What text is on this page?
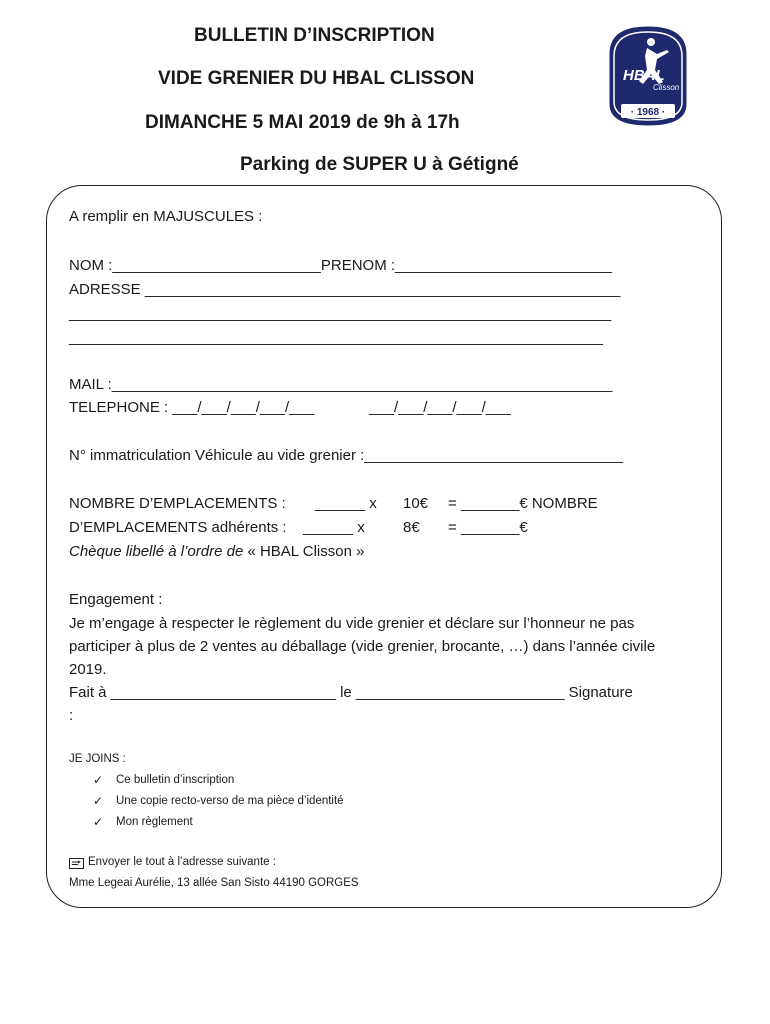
BULLETIN D’INSCRIPTION
VIDE GRENIER DU HBAL CLISSON
DIMANCHE 5 MAI 2019 de 9h à 17h
Parking de SUPER U à Gétigné
HBAL
Clisson
· 1968 ·
A remplir en MAJUSCULES :
NOM :_________________________PRENOM :__________________________
ADRESSE _________________________________________________________
_________________________________________________________________
________________________________________________________________
MAIL :____________________________________________________________
TELEPHONE : ___/___/___/___/___	___/___/___/___/___
N° immatriculation Véhicule au vide grenier :_______________________________
NOMBRE D’EMPLACEMENTS : ______ x 10€ = _______€ NOMBRE
D’EMPLACEMENTS adhérents :______ x	8€ = _______€
Chèque libellé à l’ordre de « HBAL Clisson »
Engagement :
Je m’engage à respecter le règlement du vide grenier et déclare sur l’honneur ne pas
participer à plus de 2 ventes au déballage (vide grenier, brocante, …) dans l’année civile
2019.
Fait à ___________________________ le _________________________ Signature
:
JE JOINS :
✓ Ce bulletin d’inscription
✓ Une copie recto-verso de ma pièce d’identité
✓ Mon règlement
Envoyer le tout à l’adresse suivante :
Mme Legeai Aurélie, 13 allée San Sisto 44190 GORGES
